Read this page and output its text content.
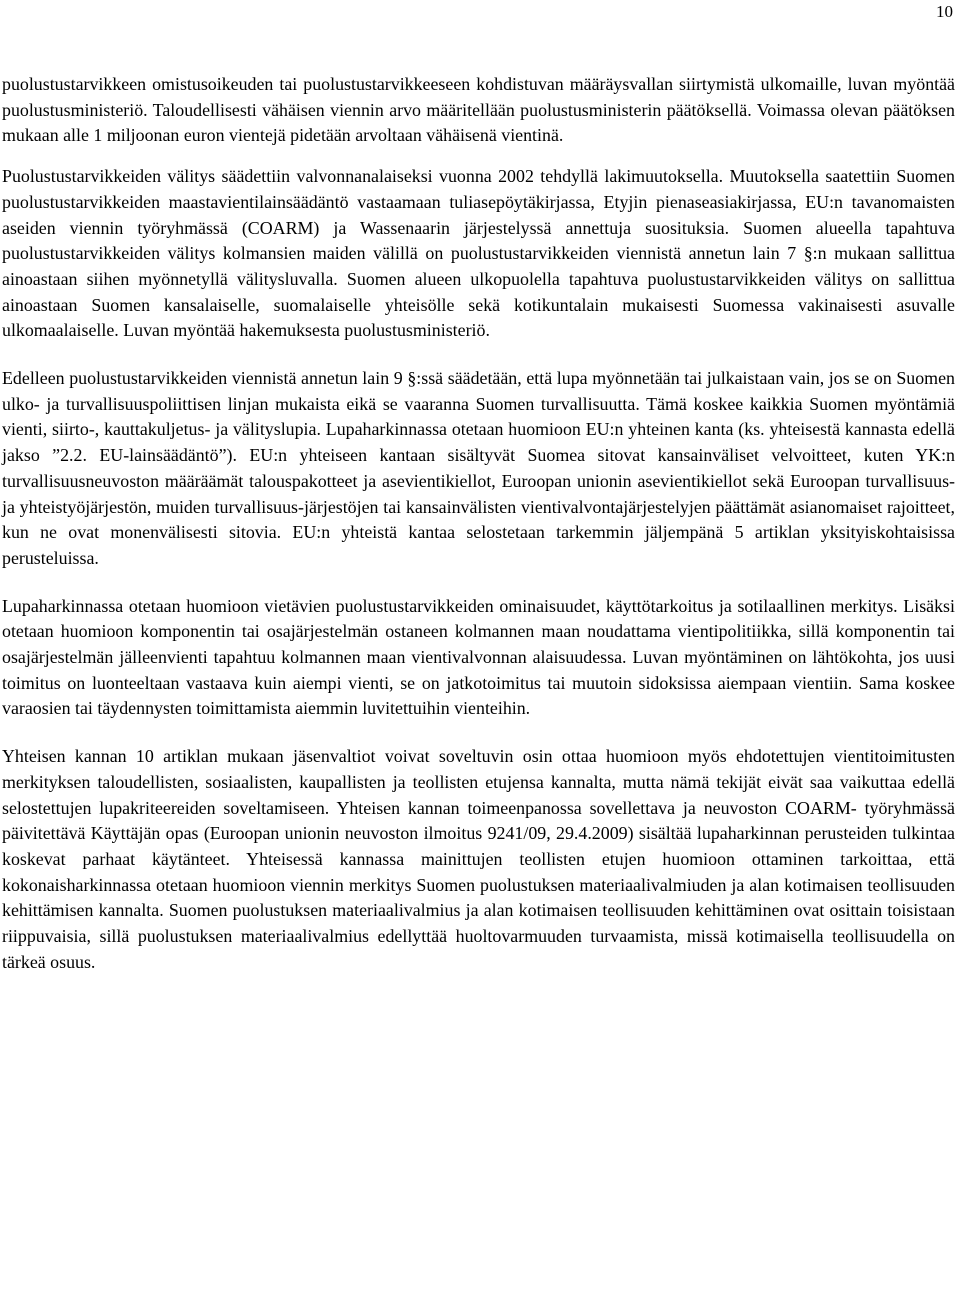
10

puolustustarvikkeen omistusoikeuden tai puolustustarvikkeeseen kohdistuvan määräysvallan siirtymistä ulkomaille, luvan myöntää puolustusministeriö. Taloudellisesti vähäisen viennin arvo määritellään puolustusministerin päätöksellä. Voimassa olevan päätöksen mukaan alle 1 miljoonan euron vientejä pidetään arvoltaan vähäisenä vientinä.

Puolustustarvikkeiden välitys säädettiin valvonnanalaiseksi vuonna 2002 tehdyllä lakimuutoksella. Muutoksella saatettiin Suomen puolustustarvikkeiden maastavientilainsäädäntö vastaamaan tuliasepöytäkirjassa, Etyjin pienaseasiakirjassa, EU:n tavanomaisten aseiden viennin työryhmässä (COARM) ja Wassenaarin järjestelyssä annettuja suosituksia. Suomen alueella tapahtuva puolustustarvikkeiden välitys kolmansien maiden välillä on puolustustarvikkeiden viennistä annetun lain 7 §:n mukaan sallittua ainoastaan siihen myönnetyllä välitysluvalla. Suomen alueen ulkopuolella tapahtuva puolustustarvikkeiden välitys on sallittua ainoastaan Suomen kansalaiselle, suomalaiselle yhteisölle sekä kotikuntalain mukaisesti Suomessa vakinaisesti asuvalle ulkomaalaiselle. Luvan myöntää hakemuksesta puolustusministeriö.

Edelleen puolustustarvikkeiden viennistä annetun lain 9 §:ssä säädetään, että lupa myönnetään tai julkaistaan vain, jos se on Suomen ulko- ja turvallisuuspoliittisen linjan mukaista eikä se vaaranna Suomen turvallisuutta. Tämä koskee kaikkia Suomen myöntämiä vienti, siirto-, kauttakuljetus- ja välityslupia. Lupaharkinnassa otetaan huomioon EU:n yhteinen kanta (ks. yhteisestä kannasta edellä jakso ”2.2. EU-lainsäädäntö”). EU:n yhteiseen kantaan sisältyvät Suomea sitovat kansainväliset velvoitteet, kuten YK:n turvallisuusneuvoston määräämät talouspakotteet ja asevientikiellot, Euroopan unionin asevientikiellot sekä Euroopan turvallisuus- ja yhteistyöjärjestön, muiden turvallisuus-järjestöjen tai kansainvälisten vientivalvontajärjestelyjen päättämät asianomaiset rajoitteet, kun ne ovat monenvälisesti sitovia. EU:n yhteistä kantaa selostetaan tarkemmin jäljempänä 5 artiklan yksityiskohtaisissa perusteluissa.

Lupaharkinnassa otetaan huomioon vietävien puolustustarvikkeiden ominaisuudet, käyttötarkoitus ja sotilaallinen merkitys. Lisäksi otetaan huomioon komponentin tai osajärjestelmän ostaneen kolmannen maan noudattama vientipolitiikka, sillä komponentin tai osajärjestelmän jälleenvienti tapahtuu kolmannen maan vientivalvonnan alaisuudessa. Luvan myöntäminen on lähtökohta, jos uusi toimitus on luonteeltaan vastaava kuin aiempi vienti, se on jatkotoimitus tai muutoin sidoksissa aiempaan vientiin. Sama koskee varaosien tai täydennysten toimittamista aiemmin luvitettuihin vienteihin.

Yhteisen kannan 10 artiklan mukaan jäsenvaltiot voivat soveltuvin osin ottaa huomioon myös ehdotettujen vientitoimitusten merkityksen taloudellisten, sosiaalisten, kaupallisten ja teollisten etujensa kannalta, mutta nämä tekijät eivät saa vaikuttaa edellä selostettujen lupakriteereiden soveltamiseen. Yhteisen kannan toimeenpanossa sovellettava ja neuvoston COARM- työryhmässä päivitettävä Käyttäjän opas (Euroopan unionin neuvoston ilmoitus 9241/09, 29.4.2009) sisältää lupaharkinnan perusteiden tulkintaa koskevat parhaat käytänteet. Yhteisessä kannassa mainittujen teollisten etujen huomioon ottaminen tarkoittaa, että kokonaisharkinnassa otetaan huomioon viennin merkitys Suomen puolustuksen materiaalivalmiuden ja alan kotimaisen teollisuuden kehittämisen kannalta. Suomen puolustuksen materiaalivalmius ja alan kotimaisen teollisuuden kehittäminen ovat osittain toisistaan riippuvaisia, sillä puolustuksen materiaalivalmius edellyttää huoltovarmuuden turvaamista, missä kotimaisella teollisuudella on tärkeä osuus.
